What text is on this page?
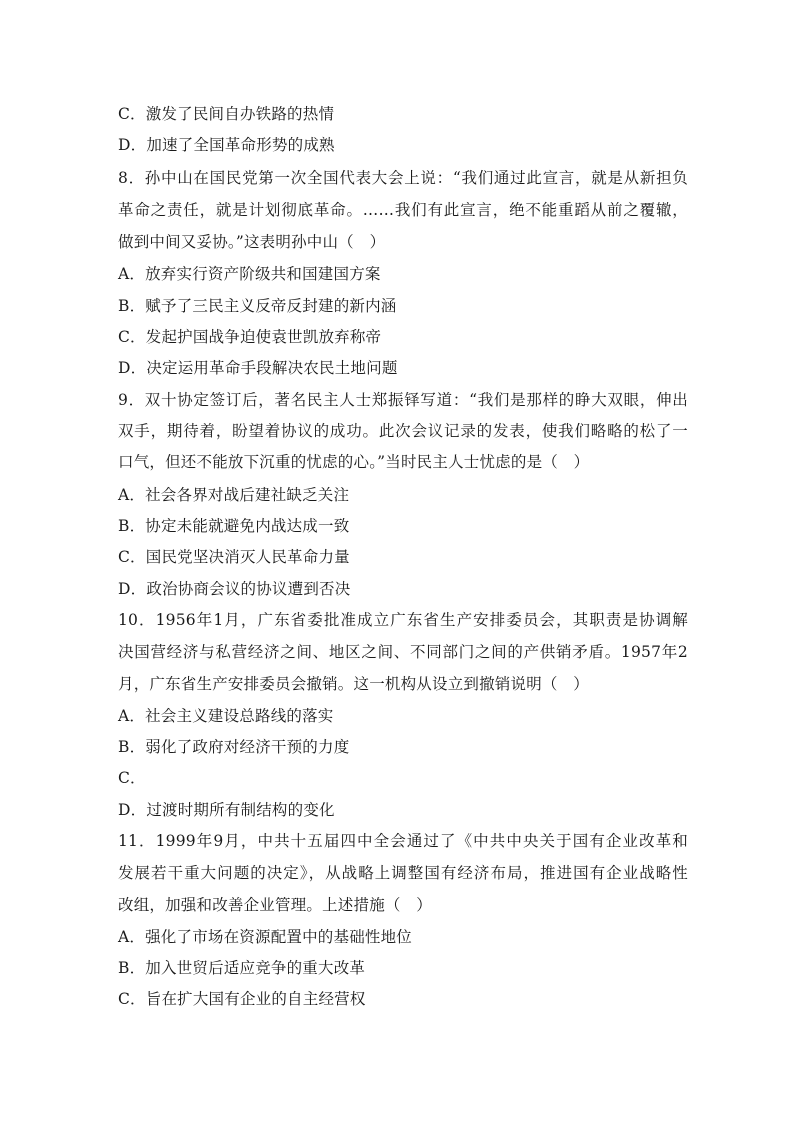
C．激发了民间自办铁路的热情
D．加速了全国革命形势的成熟
8．孙中山在国民党第一次全国代表大会上说：“我们通过此宣言，就是从新担负
革命之责任，就是计划彻底革命。……我们有此宣言，绝不能重蹈从前之覆辙，
做到中间又妥协。”这表明孙中山（　）
A．放弃实行资产阶级共和国建国方案
B．赋予了三民主义反帝反封建的新内涵
C．发起护国战争迫使袁世凯放弃称帝
D．决定运用革命手段解决农民土地问题
9．双十协定签订后，著名民主人士郑振铎写道：“我们是那样的睁大双眼，伸出
双手，期待着，盼望着协议的成功。此次会议记录的发表，使我们略略的松了一
口气，但还不能放下沉重的忧虑的心。”当时民主人士忧虑的是（　）
A．社会各界对战后建社缺乏关注
B．协定未能就避免内战达成一致
C．国民党坚决消灭人民革命力量
D．政治协商会议的协议遭到否决
10．1956年1月，广东省委批准成立广东省生产安排委员会，其职责是协调解
决国营经济与私营经济之间、地区之间、不同部门之间的产供销矛盾。1957年2
月，广东省生产安排委员会撤销。这一机构从设立到撤销说明（　）
A．社会主义建设总路线的落实
B．弱化了政府对经济干预的力度
C．
D．过渡时期所有制结构的变化
11．1999年9月，中共十五届四中全会通过了《中共中央关于国有企业改革和
发展若干重大问题的决定》，从战略上调整国有经济布局，推进国有企业战略性
改组，加强和改善企业管理。上述措施（　）
A．强化了市场在资源配置中的基础性地位
B．加入世贸后适应竞争的重大改革
C．旨在扩大国有企业的自主经营权
